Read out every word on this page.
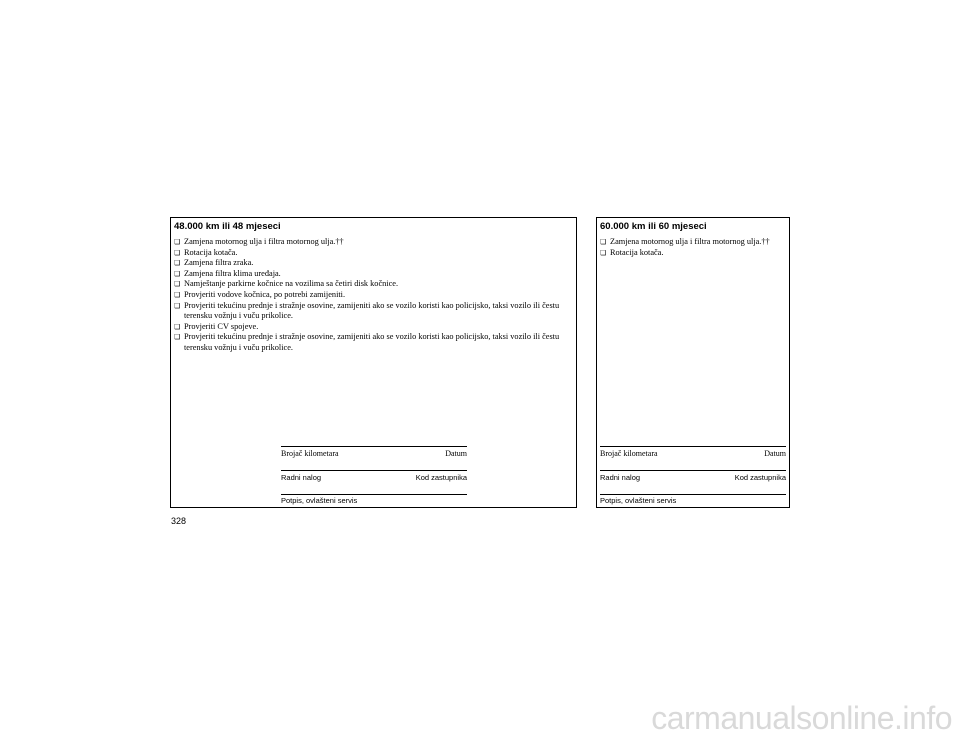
48.000 km ili 48 mjeseci
❏ Zamjena motornog ulja i filtra motornog ulja.††
❏ Rotacija kotača.
❏ Zamjena filtra zraka.
❏ Zamjena filtra klima uređaja.
❏ Namještanje parkirne kočnice na vozilima sa četiri disk kočnice.
❏ Provjeriti vodove kočnica, po potrebi zamijeniti.
❏ Provjeriti tekućinu prednje i stražnje osovine, zamijeniti ako se vozilo koristi kao policijsko, taksi vozilo ili čestu terensku vožnju i vuču prikolice.
❏ Provjeriti CV spojeve.
❏ Provjeriti tekućinu prednje i stražnje osovine, zamijeniti ako se vozilo koristi kao policijsko, taksi vozilo ili čestu terensku vožnju i vuču prikolice.
Brojač kilometara	Datum
Radni nalog	Kod zastupnika
Potpis, ovlašteni servis
60.000 km ili 60 mjeseci
❏ Zamjena motornog ulja i filtra motornog ulja.††
❏ Rotacija kotača.
Brojač kilometara	Datum
Radni nalog	Kod zastupnika
Potpis, ovlašteni servis
328
carmanualsonline.info
